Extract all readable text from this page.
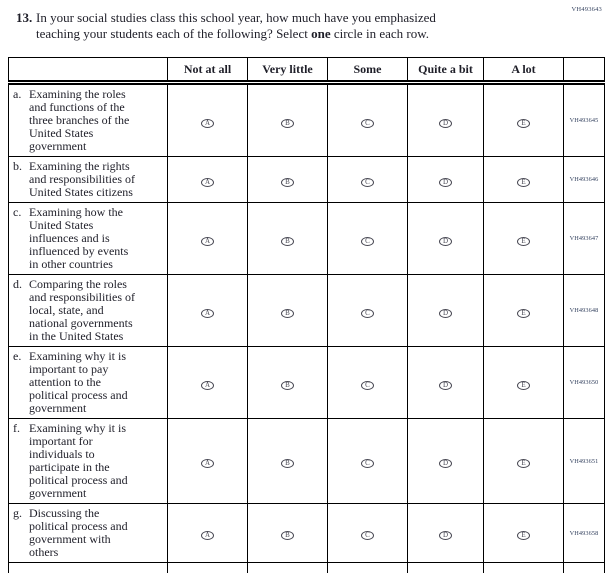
13. In your social studies class this school year, how much have you emphasized
teaching your students each of the following? Select one circle in each row.
VH493643
	Not at all	Very little	Some	Quite a bit	A lot	

a. Examining the roles
and functions of the
three branches of the
United States
government
	A	B	C	D	E	VH493645

b. Examining the rights
and responsibilities of
United States citizens	A	B	C	D	E	VH493646

c. Examining how the
United States
influences and is
influenced by events
in other countries
	A	B	C	D	E	VH493647

d. Comparing the roles
and responsibilities of
local, state, and
national governments
in the United States
	A	B	C	D	E	VH493648

e. Examining why it is
important to pay
attention to the
political process and
government
	A	B	C	D	E	VH493650

f. Examining why it is
important for
individuals to
participate in the
political process and
government
	A	B	C	D	E	VH493651

g. Discussing the
political process and
government with
others	A	B	C	D	E	VH493658
